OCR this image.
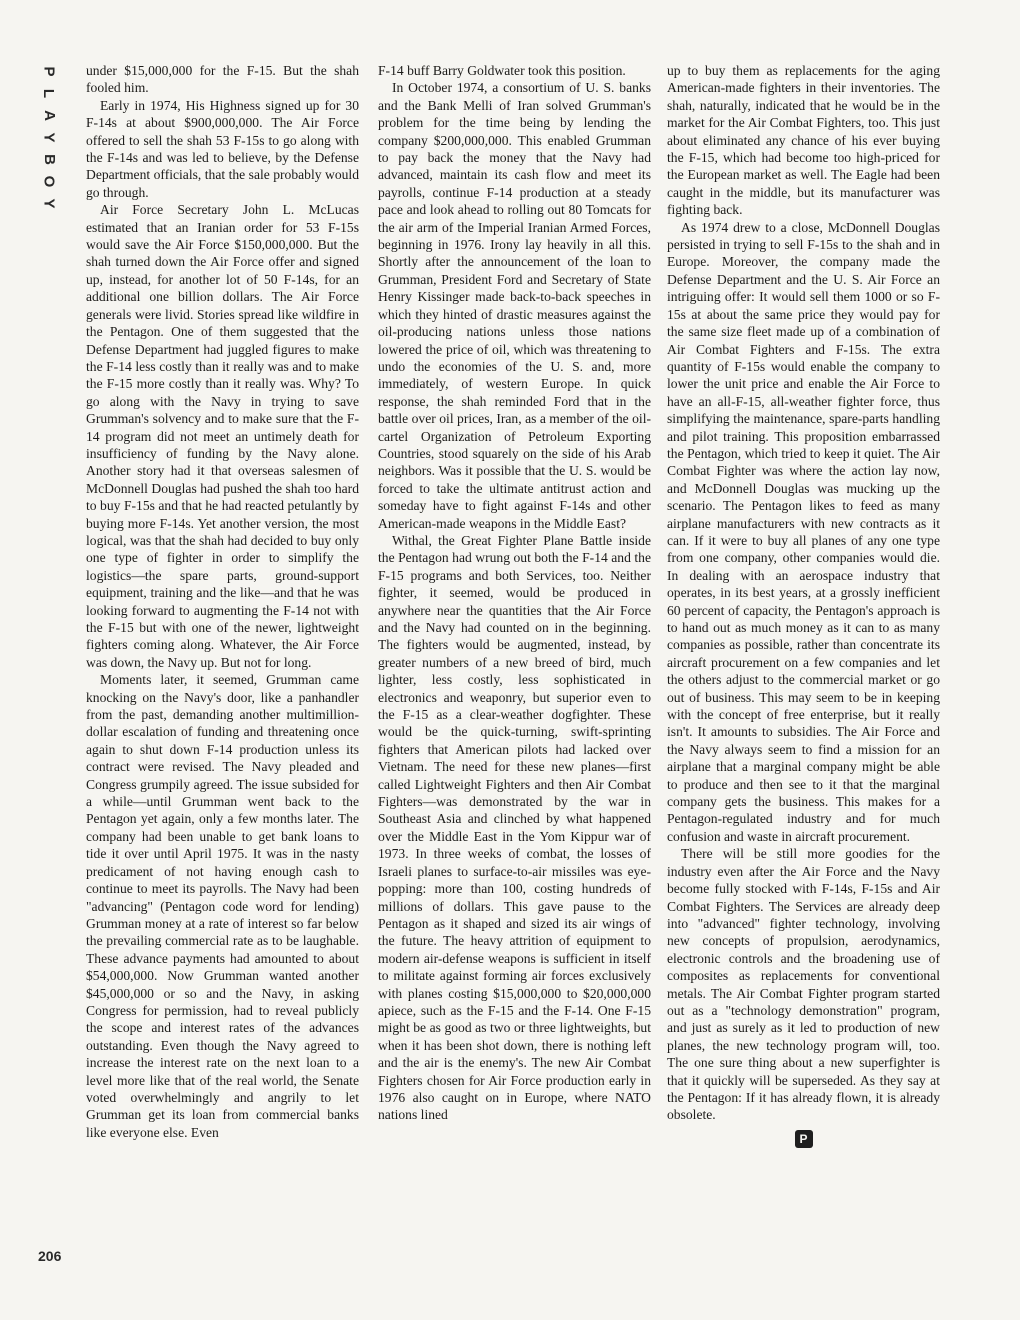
P
L
A
Y
B
O
Y

under $15,000,000 for the F-15. But the shah fooled him.

Early in 1974, His Highness signed up for 30 F-14s at about $900,000,000. The Air Force offered to sell the shah 53 F-15s to go along with the F-14s and was led to believe, by the Defense Department officials, that the sale probably would go through.

Air Force Secretary John L. McLucas estimated that an Iranian order for 53 F-15s would save the Air Force $150,000,000. But the shah turned down the Air Force offer and signed up, instead, for another lot of 50 F-14s, for an additional one billion dollars. The Air Force generals were livid. Stories spread like wildfire in the Pentagon. One of them suggested that the Defense Department had juggled figures to make the F-14 less costly than it really was and to make the F-15 more costly than it really was. Why? To go along with the Navy in trying to save Grumman's solvency and to make sure that the F-14 program did not meet an untimely death for insufficiency of funding by the Navy alone. Another story had it that overseas salesmen of McDonnell Douglas had pushed the shah too hard to buy F-15s and that he had reacted petulantly by buying more F-14s. Yet another version, the most logical, was that the shah had decided to buy only one type of fighter in order to simplify the logistics—the spare parts, ground-support equipment, training and the like—and that he was looking forward to augmenting the F-14 not with the F-15 but with one of the newer, lightweight fighters coming along. Whatever, the Air Force was down, the Navy up. But not for long.

Moments later, it seemed, Grumman came knocking on the Navy's door, like a panhandler from the past, demanding another multimillion-dollar escalation of funding and threatening once again to shut down F-14 production unless its contract were revised. The Navy pleaded and Congress grumpily agreed. The issue subsided for a while—until Grumman went back to the Pentagon yet again, only a few months later. The company had been unable to get bank loans to tide it over until April 1975. It was in the nasty predicament of not having enough cash to continue to meet its payrolls. The Navy had been "advancing" (Pentagon code word for lending) Grumman money at a rate of interest so far below the prevailing commercial rate as to be laughable. These advance payments had amounted to about $54,000,000. Now Grumman wanted another $45,000,000 or so and the Navy, in asking Congress for permission, had to reveal publicly the scope and interest rates of the advances outstanding. Even though the Navy agreed to increase the interest rate on the next loan to a level more like that of the real world, the Senate voted overwhelmingly and angrily to let Grumman get its loan from commercial banks like everyone else. Even

F-14 buff Barry Goldwater took this position.

In October 1974, a consortium of U. S. banks and the Bank Melli of Iran solved Grumman's problem for the time being by lending the company $200,000,000. This enabled Grumman to pay back the money that the Navy had advanced, maintain its cash flow and meet its payrolls, continue F-14 production at a steady pace and look ahead to rolling out 80 Tomcats for the air arm of the Imperial Iranian Armed Forces, beginning in 1976. Irony lay heavily in all this. Shortly after the announcement of the loan to Grumman, President Ford and Secretary of State Henry Kissinger made back-to-back speeches in which they hinted of drastic measures against the oil-producing nations unless those nations lowered the price of oil, which was threatening to undo the economies of the U. S. and, more immediately, of western Europe. In quick response, the shah reminded Ford that in the battle over oil prices, Iran, as a member of the oil-cartel Organization of Petroleum Exporting Countries, stood squarely on the side of his Arab neighbors. Was it possible that the U. S. would be forced to take the ultimate antitrust action and someday have to fight against F-14s and other American-made weapons in the Middle East?

Withal, the Great Fighter Plane Battle inside the Pentagon had wrung out both the F-14 and the F-15 programs and both Services, too. Neither fighter, it seemed, would be produced in anywhere near the quantities that the Air Force and the Navy had counted on in the beginning. The fighters would be augmented, instead, by greater numbers of a new breed of bird, much lighter, less costly, less sophisticated in electronics and weaponry, but superior even to the F-15 as a clear-weather dogfighter. These would be the quick-turning, swift-sprinting fighters that American pilots had lacked over Vietnam. The need for these new planes—first called Lightweight Fighters and then Air Combat Fighters—was demonstrated by the war in Southeast Asia and clinched by what happened over the Middle East in the Yom Kippur war of 1973. In three weeks of combat, the losses of Israeli planes to surface-to-air missiles was eye-popping: more than 100, costing hundreds of millions of dollars. This gave pause to the Pentagon as it shaped and sized its air wings of the future. The heavy attrition of equipment to modern air-defense weapons is sufficient in itself to militate against forming air forces exclusively with planes costing $15,000,000 to $20,000,000 apiece, such as the F-15 and the F-14. One F-15 might be as good as two or three lightweights, but when it has been shot down, there is nothing left and the air is the enemy's. The new Air Combat Fighters chosen for Air Force production early in 1976 also caught on in Europe, where NATO nations lined

up to buy them as replacements for the aging American-made fighters in their inventories. The shah, naturally, indicated that he would be in the market for the Air Combat Fighters, too. This just about eliminated any chance of his ever buying the F-15, which had become too high-priced for the European market as well. The Eagle had been caught in the middle, but its manufacturer was fighting back.

As 1974 drew to a close, McDonnell Douglas persisted in trying to sell F-15s to the shah and in Europe. Moreover, the company made the Defense Department and the U. S. Air Force an intriguing offer: It would sell them 1000 or so F-15s at about the same price they would pay for the same size fleet made up of a combination of Air Combat Fighters and F-15s. The extra quantity of F-15s would enable the company to lower the unit price and enable the Air Force to have an all-F-15, all-weather fighter force, thus simplifying the maintenance, spare-parts handling and pilot training. This proposition embarrassed the Pentagon, which tried to keep it quiet. The Air Combat Fighter was where the action lay now, and McDonnell Douglas was mucking up the scenario. The Pentagon likes to feed as many airplane manufacturers with new contracts as it can. If it were to buy all planes of any one type from one company, other companies would die. In dealing with an aerospace industry that operates, in its best years, at a grossly inefficient 60 percent of capacity, the Pentagon's approach is to hand out as much money as it can to as many companies as possible, rather than concentrate its aircraft procurement on a few companies and let the others adjust to the commercial market or go out of business. This may seem to be in keeping with the concept of free enterprise, but it really isn't. It amounts to subsidies. The Air Force and the Navy always seem to find a mission for an airplane that a marginal company might be able to produce and then see to it that the marginal company gets the business. This makes for a Pentagon-regulated industry and for much confusion and waste in aircraft procurement.

There will be still more goodies for the industry even after the Air Force and the Navy become fully stocked with F-14s, F-15s and Air Combat Fighters. The Services are already deep into "advanced" fighter technology, involving new concepts of propulsion, aerodynamics, electronic controls and the broadening use of composites as replacements for conventional metals. The Air Combat Fighter program started out as a "technology demonstration" program, and just as surely as it led to production of new planes, the new technology program will, too. The one sure thing about a new superfighter is that it quickly will be superseded. As they say at the Pentagon: If it has already flown, it is already obsolete.

P
206
